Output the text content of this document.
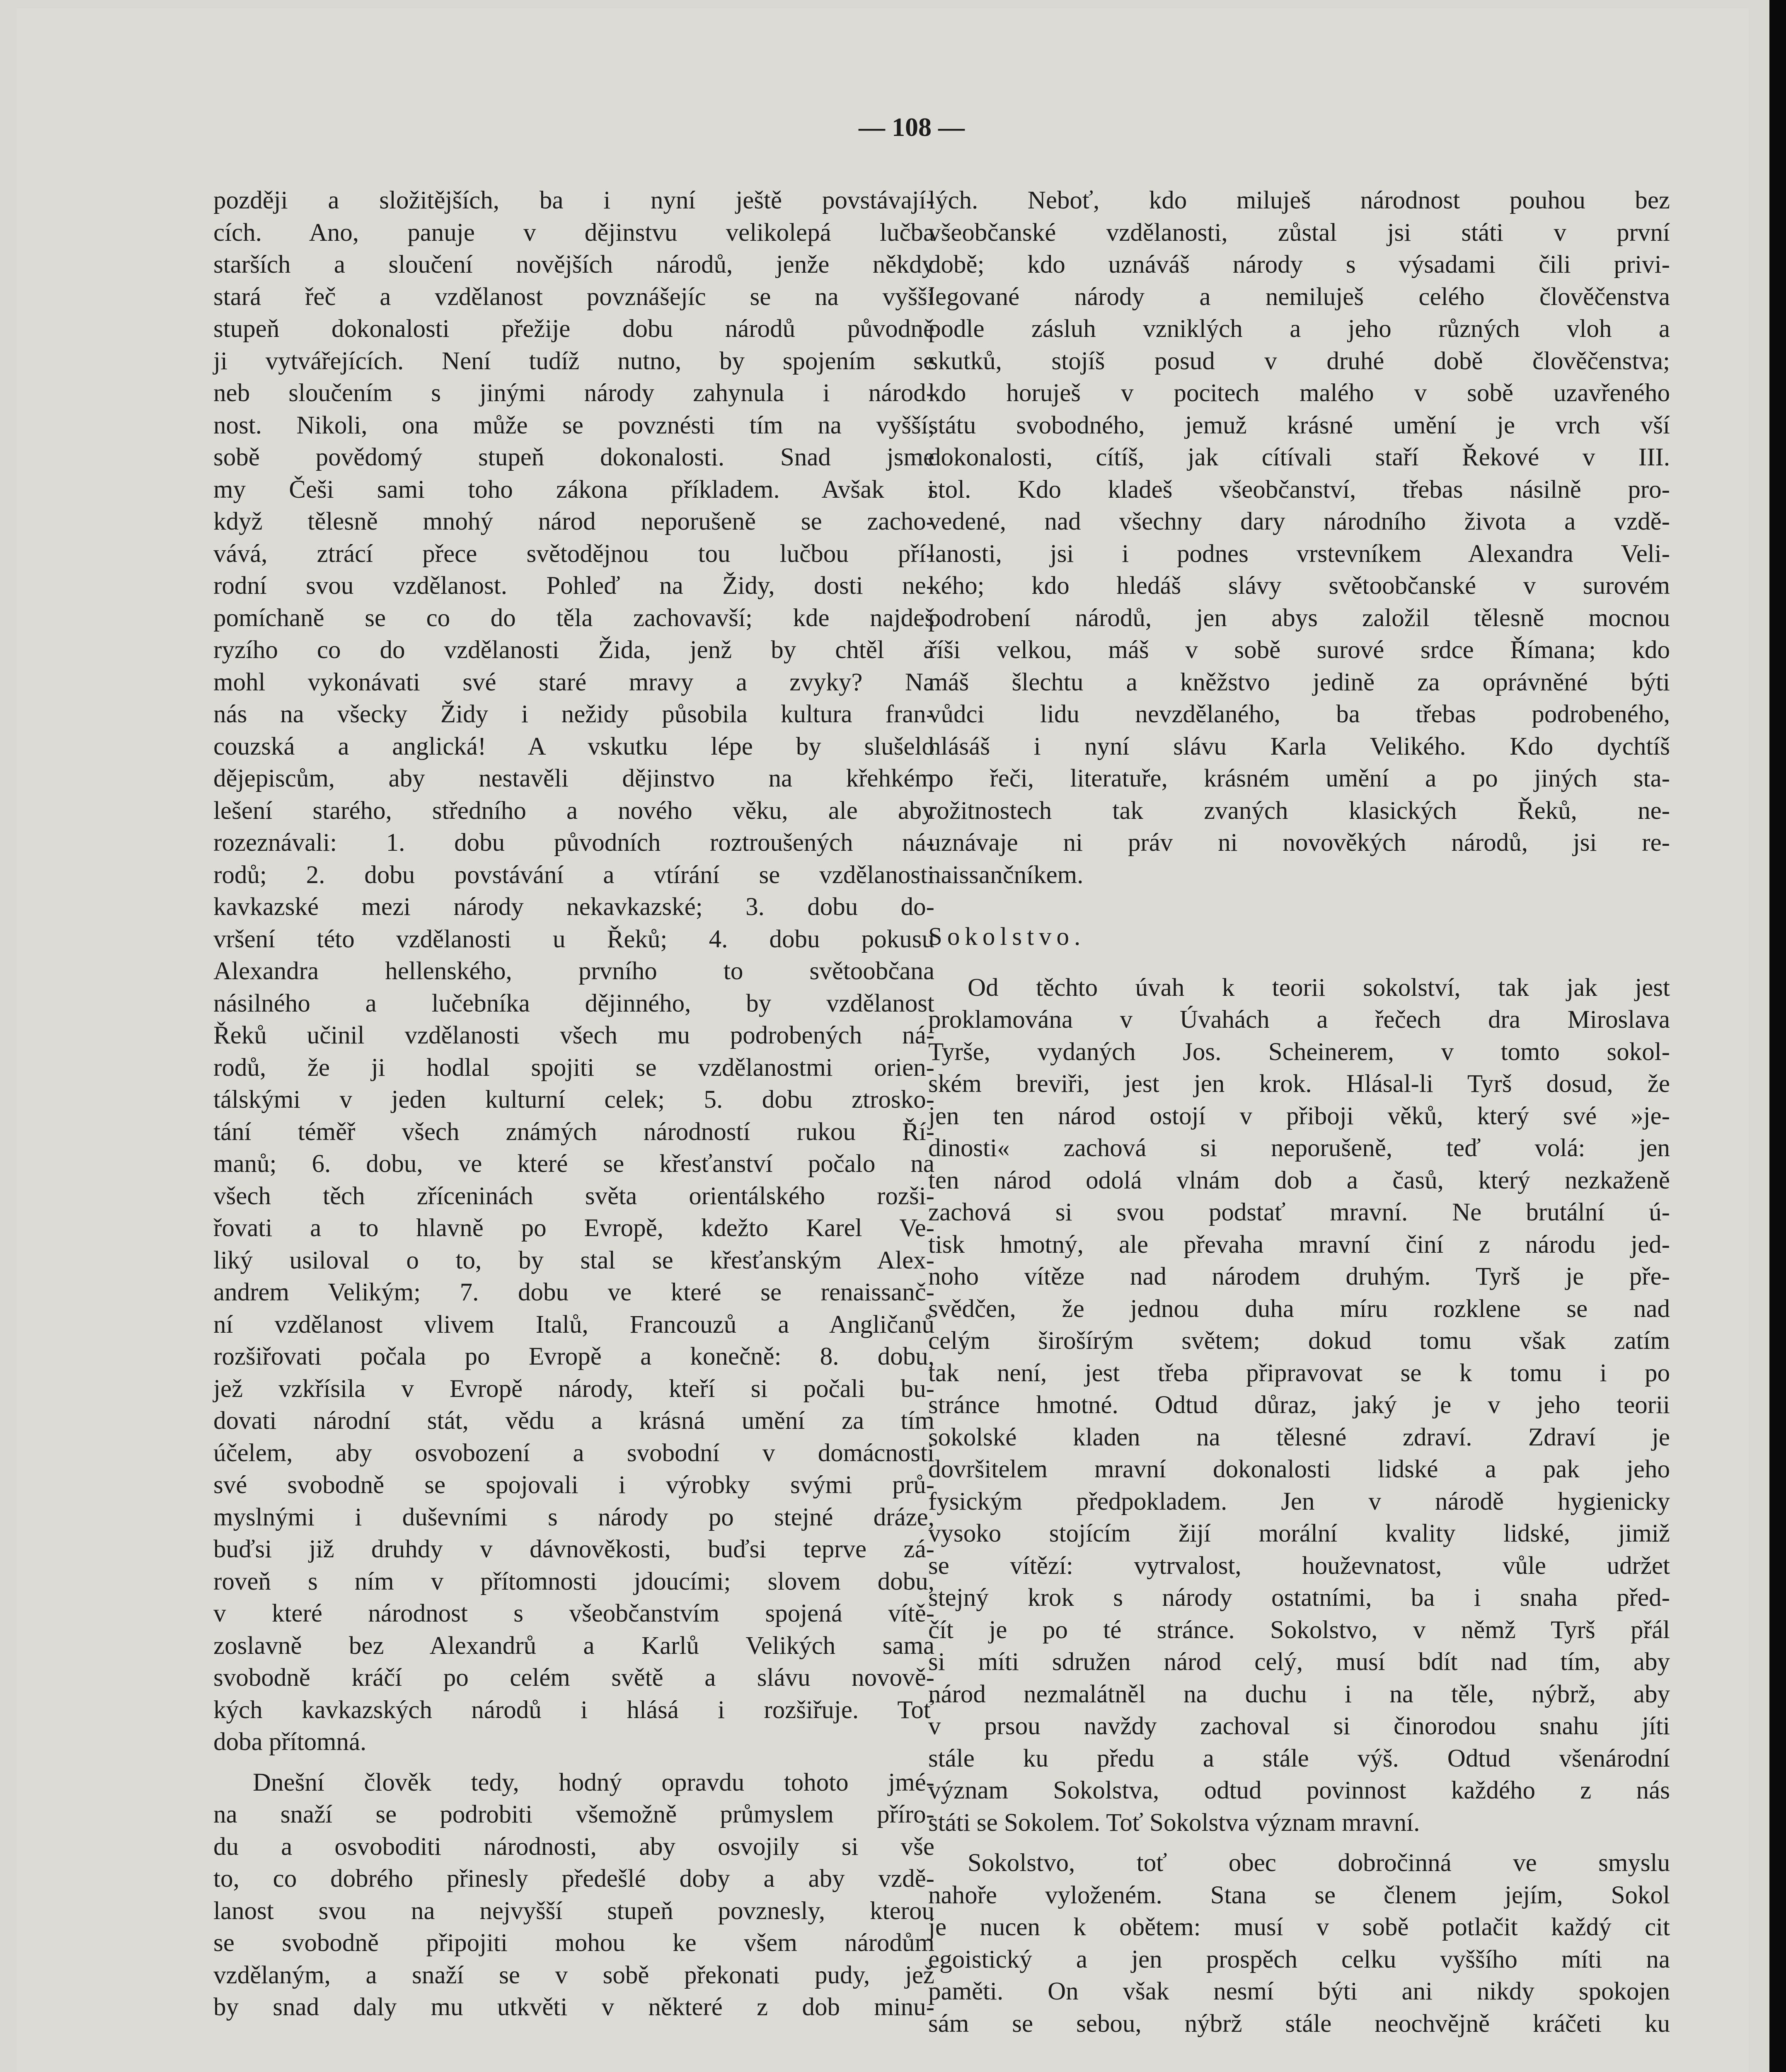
— 108 —
později a složitějších, ba i nyní ještě povstávají-
cích. Ano, panuje v dějinstvu velikolepá lučba
starších a sloučení novějších národů, jenže někdy
stará řeč a vzdělanost povznášejíc se na vyšší
stupeň dokonalosti přežije dobu národů původně
ji vytvářejících. Není tudíž nutno, by spojením se
neb sloučením s jinými národy zahynula i národ-
nost. Nikoli, ona může se povznésti tím na vyšší,
sobě povědomý stupeň dokonalosti. Snad jsme
my Češi sami toho zákona příkladem. Avšak i
když tělesně mnohý národ neporušeně se zacho-
vává, ztrácí přece světodějnou tou lučbou pří-
rodní svou vzdělanost. Pohleď na Židy, dosti ne-
pomíchaně se co do těla zachovavší; kde najdeš
ryzího co do vzdělanosti Žida, jenž by chtěl a
mohl vykonávati své staré mravy a zvyky? Na
nás na všecky Židy i nežidy působila kultura fran-
couzská a anglická! A vskutku lépe by slušelo
dějepiscům, aby nestavěli dějinstvo na křehkém
lešení starého, středního a nového věku, ale aby
rozeznávali: 1. dobu původních roztroušených ná-
rodů; 2. dobu povstávání a vtírání se vzdělanosti
kavkazské mezi národy nekavkazské; 3. dobu do-
vršení této vzdělanosti u Řeků; 4. dobu pokusu
Alexandra hellenského, prvního to světoobčana
násilného a lučebníka dějinného, by vzdělanost
Řeků učinil vzdělanosti všech mu podrobených ná-
rodů, že ji hodlal spojiti se vzdělanostmi orien-
tálskými v jeden kulturní celek; 5. dobu ztrosko-
tání téměř všech známých národností rukou Ří-
manů; 6. dobu, ve které se křesťanství počalo na
všech těch zříceninách světa orientálského rozši-
řovati a to hlavně po Evropě, kdežto Karel Ve-
liký usiloval o to, by stal se křesťanským Alex-
andrem Velikým; 7. dobu ve které se renaissanč-
ní vzdělanost vlivem Italů, Francouzů a Angličanů
rozšiřovati počala po Evropě a konečně: 8. dobu,
jež vzkřísila v Evropě národy, kteří si počali bu-
dovati národní stát, vědu a krásná umění za tím
účelem, aby osvobození a svobodní v domácnosti
své svobodně se spojovali i výrobky svými prů-
myslnými i duševními s národy po stejné dráze,
buďsi již druhdy v dávnověkosti, buďsi teprve zá-
roveň s ním v přítomnosti jdoucími; slovem dobu,
v které národnost s všeobčanstvím spojená vítě-
zoslavně bez Alexandrů a Karlů Velikých sama
svobodně kráčí po celém světě a slávu novově-
kých kavkazských národů i hlásá i rozšiřuje. Toť
doba přítomná.
Dnešní člověk tedy, hodný opravdu tohoto jmé-
na snaží se podrobiti všemožně průmyslem příro-
du a osvoboditi národnosti, aby osvojily si vše
to, co dobrého přinesly předešlé doby a aby vzdě-
lanost svou na nejvyšší stupeň povznesly, kterou
se svobodně připojiti mohou ke všem národům
vzdělaným, a snaží se v sobě překonati pudy, jež
by snad daly mu utkvěti v některé z dob minu-
lých. Neboť, kdo miluješ národnost pouhou bez
všeobčanské vzdělanosti, zůstal jsi státi v první
době; kdo uznáváš národy s výsadami čili privi-
legované národy a nemiluješ celého člověčenstva
podle zásluh vzniklých a jeho různých vloh a
skutků, stojíš posud v druhé době člověčenstva;
kdo horuješ v pocitech malého v sobě uzavřeného
státu svobodného, jemuž krásné umění je vrch vší
dokonalosti, cítíš, jak cítívali staří Řekové v III.
stol. Kdo kladeš všeobčanství, třebas násilně pro-
vedené, nad všechny dary národního života a vzdě-
lanosti, jsi i podnes vrstevníkem Alexandra Veli-
kého; kdo hledáš slávy světoobčanské v surovém
podrobení národů, jen abys založil tělesně mocnou
říši velkou, máš v sobě surové srdce Římana; kdo
máš šlechtu a kněžstvo jedině za oprávněné býti
vůdci lidu nevzdělaného, ba třebas podrobeného,
hlásáš i nyní slávu Karla Velikého. Kdo dychtíš
po řeči, literatuře, krásném umění a po jiných sta-
rožitnostech tak zvaných klasických Řeků, ne-
uznávaje ni práv ni novověkých národů, jsi re-
naissančníkem.
Sokolstvo.
Od těchto úvah k teorii sokolství, tak jak jest
proklamována v Úvahách a řečech dra Miroslava
Tyrše, vydaných Jos. Scheinerem, v tomto sokol-
ském breviři, jest jen krok. Hlásal-li Tyrš dosud, že
jen ten národ ostojí v přiboji věků, který své »je-
dinosti« zachová si neporušeně, teď volá: jen
ten národ odolá vlnám dob a časů, který nezkaženě
zachová si svou podstať mravní. Ne brutální ú-
tisk hmotný, ale převaha mravní činí z národu jed-
noho vítěze nad národem druhým. Tyrš je pře-
svědčen, že jednou duha míru rozklene se nad
celým širošírým světem; dokud tomu však zatím
tak není, jest třeba připravovat se k tomu i po
stránce hmotné. Odtud důraz, jaký je v jeho teorii
sokolské kladen na tělesné zdraví. Zdraví je
dovršitelem mravní dokonalosti lidské a pak jeho
fysickým předpokladem. Jen v národě hygienicky
vysoko stojícím žijí morální kvality lidské, jimiž
se vítězí: vytrvalost, houževnatost, vůle udržet
stejný krok s národy ostatními, ba i snaha před-
čít je po té stránce. Sokolstvo, v němž Tyrš přál
si míti sdružen národ celý, musí bdít nad tím, aby
národ nezmalátněl na duchu i na těle, nýbrž, aby
v prsou navždy zachoval si činorodou snahu jíti
stále ku předu a stále výš. Odtud všenárodní
význam Sokolstva, odtud povinnost každého z nás
státi se Sokolem. Toť Sokolstva význam mravní.
Sokolstvo, toť obec dobročinná ve smyslu
nahoře vyloženém. Stana se členem jejím, Sokol
je nucen k obětem: musí v sobě potlačit každý cit
egoistický a jen prospěch celku vyššího míti na
paměti. On však nesmí býti ani nikdy spokojen
sám se sebou, nýbrž stále neochvějně kráčeti ku
